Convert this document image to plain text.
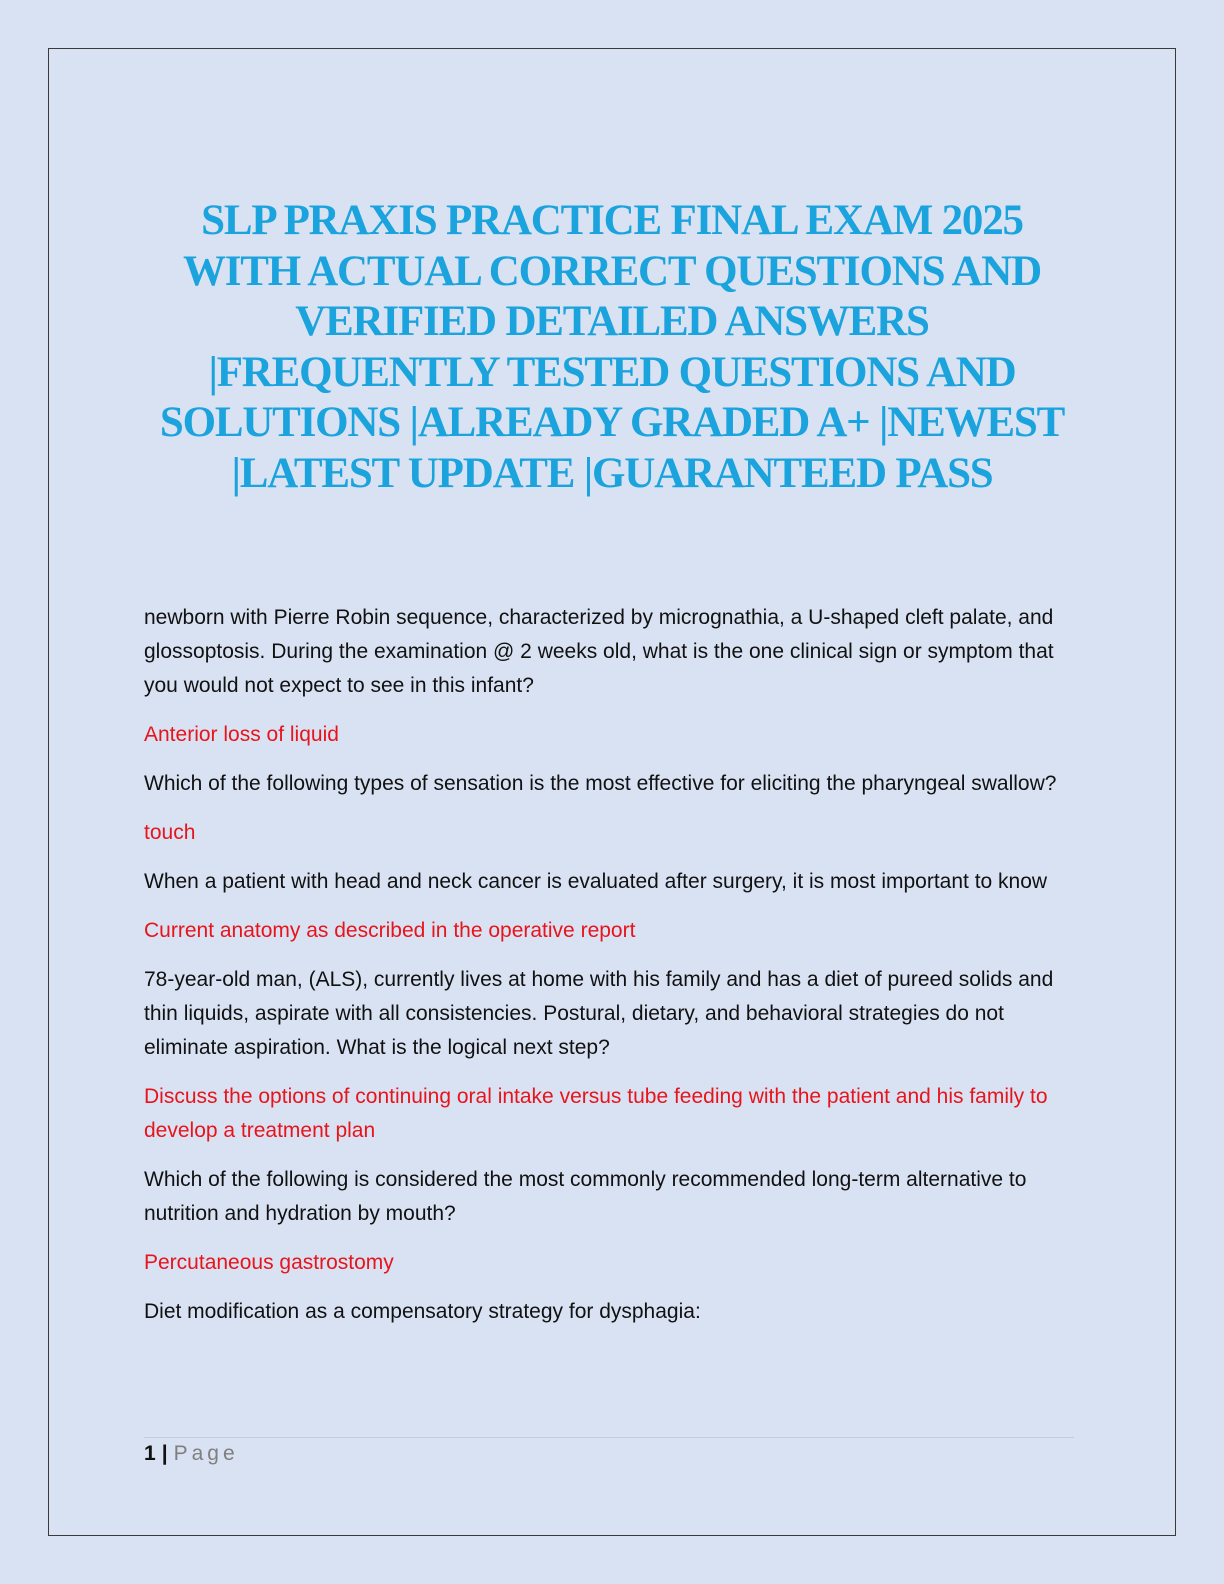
SLP PRAXIS PRACTICE FINAL EXAM 2025
WITH ACTUAL CORRECT QUESTIONS AND
VERIFIED DETAILED ANSWERS
|FREQUENTLY TESTED QUESTIONS AND
SOLUTIONS |ALREADY GRADED A+ |NEWEST
|LATEST UPDATE |GUARANTEED PASS

newborn with Pierre Robin sequence, characterized by micrognathia, a U-shaped cleft palate, and glossoptosis. During the examination @ 2 weeks old, what is the one clinical sign or symptom that you would not expect to see in this infant?

Anterior loss of liquid

Which of the following types of sensation is the most effective for eliciting the pharyngeal swallow?

touch

When a patient with head and neck cancer is evaluated after surgery, it is most important to know

Current anatomy as described in the operative report

78-year-old man, (ALS), currently lives at home with his family and has a diet of pureed solids and thin liquids, aspirate with all consistencies. Postural, dietary, and behavioral strategies do not eliminate aspiration. What is the logical next step?

Discuss the options of continuing oral intake versus tube feeding with the patient and his family to develop a treatment plan

Which of the following is considered the most commonly recommended long-term alternative to nutrition and hydration by mouth?

Percutaneous gastrostomy

Diet modification as a compensatory strategy for dysphagia:

1 | Page
